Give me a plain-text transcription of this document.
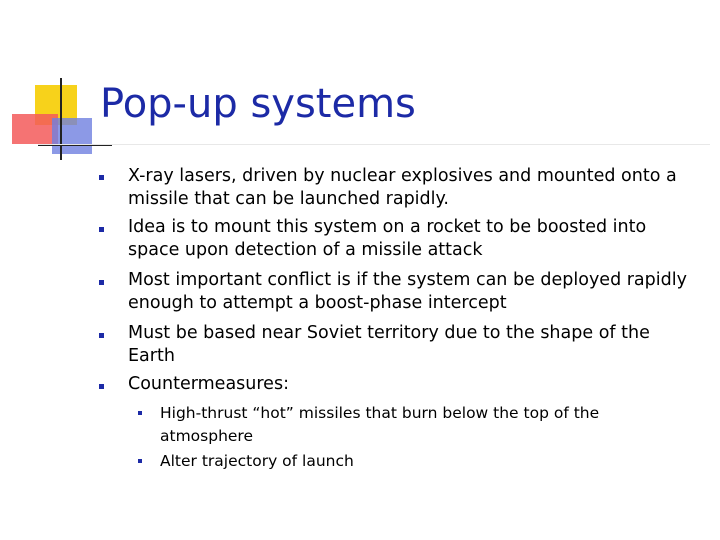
Pop-up systems
X-ray lasers, driven by nuclear explosives and mounted onto a
missile that can be launched rapidly.
Idea is to mount this system on a rocket to be boosted into
space upon detection of a missile attack
Most important conflict is if the system can be deployed rapidly
enough to attempt a boost-phase intercept
Must be based near Soviet territory due to the shape of the
Earth
Countermeasures:
High-thrust “hot” missiles that burn below the top of the
atmosphere
Alter trajectory of launch
